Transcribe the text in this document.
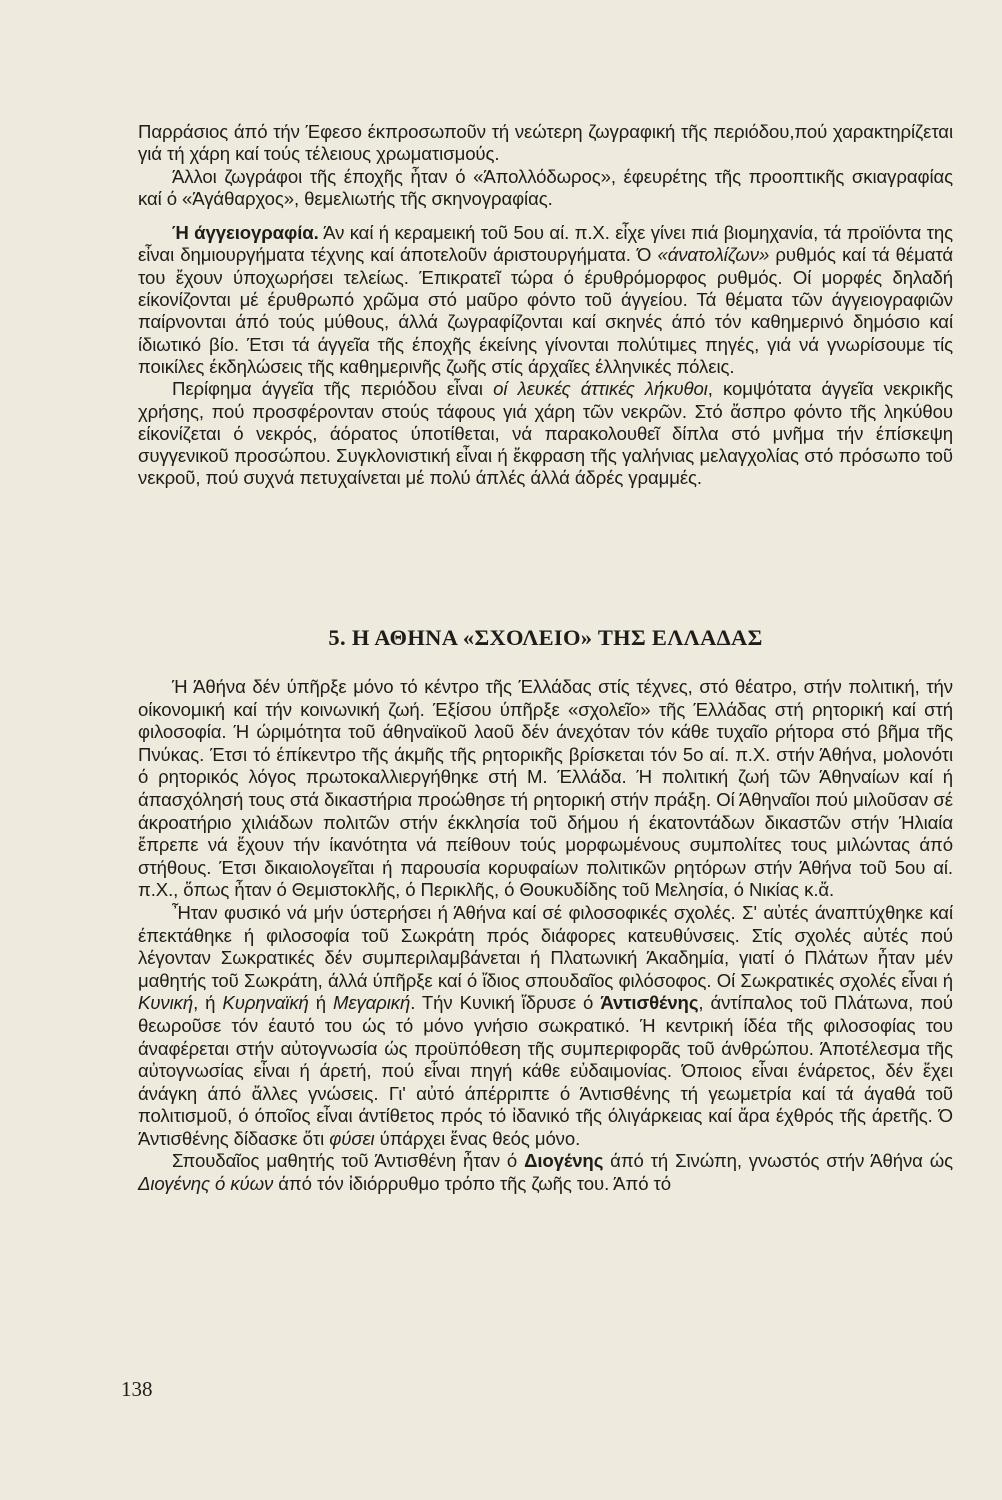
Παρράσιος άπό τήν Έφεσο έκπροσωποῦν τή νεώτερη ζωγραφική τῆς περιόδου,πού χαρακτηρίζεται γιά τή χάρη καί τούς τέλειους χρωματισμούς.

Άλλοι ζωγράφοι τῆς έποχῆς ἦταν ό «Άπολλόδωρος», έφευρέτης τῆς προοπτικῆς σκιαγραφίας καί ό «Άγάθαρχος», θεμελιωτής τῆς σκηνογραφίας.

Ή άγγειογραφία. Άν καί ή κεραμεική τοῦ 5ου αί. π.Χ. εἶχε γίνει πιά βιομηχανία, τά προϊόντα της εἶναι δημιουργήματα τέχνης καί άποτελοῦν άριστουργήματα. Ό «άνατολίζων» ρυθμός καί τά θέματά του ἔχουν ύποχωρήσει τελείως. Έπικρατεῖ τώρα ό έρυθρόμορφος ρυθμός. Οί μορφές δηλαδή είκονίζονται μέ έρυθρωπό χρῶμα στό μαῦρο φόντο τοῦ άγγείου. Τά θέματα τῶν άγγειογραφιῶν παίρνονται άπό τούς μύθους, άλλά ζωγραφίζονται καί σκηνές άπό τόν καθημερινό δημόσιο καί ίδιωτικό βίο. Έτσι τά άγγεῖα τῆς έποχῆς έκείνης γίνονται πολύτιμες πηγές, γιά νά γνωρίσουμε τίς ποικίλες έκδηλώσεις τῆς καθημερινῆς ζωῆς στίς άρχαῖες έλληνικές πόλεις.

Περίφημα άγγεῖα τῆς περιόδου εἶναι οί λευκές άττικές λήκυθοι, κομψότατα άγγεῖα νεκρικῆς χρήσης, πού προσφέρονταν στούς τάφους γιά χάρη τῶν νεκρῶν. Στό ἄσπρο φόντο τῆς ληκύθου είκονίζεται ό νεκρός, άόρατος ύποτίθεται, νά παρακολουθεῖ δίπλα στό μνῆμα τήν έπίσκεψη συγγενικοῦ προσώπου. Συγκλονιστική εἶναι ή ἔκφραση τῆς γαλήνιας μελαγχολίας στό πρόσωπο τοῦ νεκροῦ, πού συχνά πετυχαίνεται μέ πολύ άπλές άλλά άδρές γραμμές.

5. Η ΑΘΗΝΑ «ΣΧΟΛΕΙΟ» ΤΗΣ ΕΛΛΑΔΑΣ

Ή Άθήνα δέν ύπῆρξε μόνο τό κέντρο τῆς Έλλάδας στίς τέχνες, στό θέατρο, στήν πολιτική, τήν οίκονομική καί τήν κοινωνική ζωή. Έξίσου ύπῆρξε «σχολεῖο» τῆς Έλλάδας στή ρητορική καί στή φιλοσοφία. Ή ώριμότητα τοῦ άθηναϊκοῦ λαοῦ δέν άνεχόταν τόν κάθε τυχαῖο ρήτορα στό βῆμα τῆς Πνύκας. Έτσι τό έπίκεντρο τῆς άκμῆς τῆς ρητορικῆς βρίσκεται τόν 5ο αί. π.Χ. στήν Άθήνα, μολονότι ό ρητορικός λόγος πρωτοκαλλιεργήθηκε στή Μ. Έλλάδα. Ή πολιτική ζωή τῶν Άθηναίων καί ή άπασχόλησή τους στά δικαστήρια προώθησε τή ρητορική στήν πράξη. Οί Άθηναῖοι πού μιλοῦσαν σέ άκροατήριο χιλιάδων πολιτῶν στήν έκκλησία τοῦ δήμου ή έκατοντάδων δικαστῶν στήν Ήλιαία ἔπρεπε νά ἔχουν τήν ίκανότητα νά πείθουν τούς μορφωμένους συμπολίτες τους μιλώντας άπό στήθους. Έτσι δικαιολογεῖται ή παρουσία κορυφαίων πολιτικῶν ρητόρων στήν Άθήνα τοῦ 5ου αί. π.Χ., ὅπως ἦταν ό Θεμιστοκλῆς, ό Περικλῆς, ό Θουκυδίδης τοῦ Μελησία, ό Νικίας κ.ἄ.

Ἦταν φυσικό νά μήν ύστερήσει ή Άθήνα καί σέ φιλοσοφικές σχολές. Σ' αὐτές άναπτύχθηκε καί έπεκτάθηκε ή φιλοσοφία τοῦ Σωκράτη πρός διάφορες κατευθύνσεις. Στίς σχολές αὐτές πού λέγονταν Σωκρατικές δέν συμπεριλαμβάνεται ή Πλατωνική Άκαδημία, γιατί ό Πλάτων ἦταν μέν μαθητής τοῦ Σωκράτη, άλλά ύπῆρξε καί ό ἴδιος σπουδαῖος φιλόσοφος. Οί Σωκρατικές σχολές εἶναι ή Κυνική, ή Κυρηναϊκή ή Μεγαρική. Τήν Κυνική ἵδρυσε ό Άντισθένης, άντίπαλος τοῦ Πλάτωνα, πού θεωροῦσε τόν έαυτό του ώς τό μόνο γνήσιο σωκρατικό. Ή κεντρική ίδέα τῆς φιλοσοφίας του άναφέρεται στήν αὐτογνωσία ώς προϋπόθεση τῆς συμπεριφορᾶς τοῦ άνθρώπου. Άποτέλεσμα τῆς αὐτογνωσίας εἶναι ή άρετή, πού εἶναι πηγή κάθε εὐδαιμονίας. Όποιος εἶναι ένάρετος, δέν ἔχει άνάγκη άπό ἄλλες γνώσεις. Γι' αὐτό άπέρριπτε ό Άντισθένης τή γεωμετρία καί τά άγαθά τοῦ πολιτισμοῦ, ό όποῖος εἶναι άντίθετος πρός τό ἰδανικό τῆς όλιγάρκειας καί ἄρα έχθρός τῆς άρετῆς. Ό Άντισθένης δίδασκε ὅτι φύσει ύπάρχει ἕνας θεός μόνο.

Σπουδαῖος μαθητής τοῦ Άντισθένη ἦταν ό Διογένης άπό τή Σινώπη, γνωστός στήν Άθήνα ώς Διογένης ό κύων άπό τόν ἰδιόρρυθμο τρόπο τῆς ζωῆς του. Άπό τό

138
